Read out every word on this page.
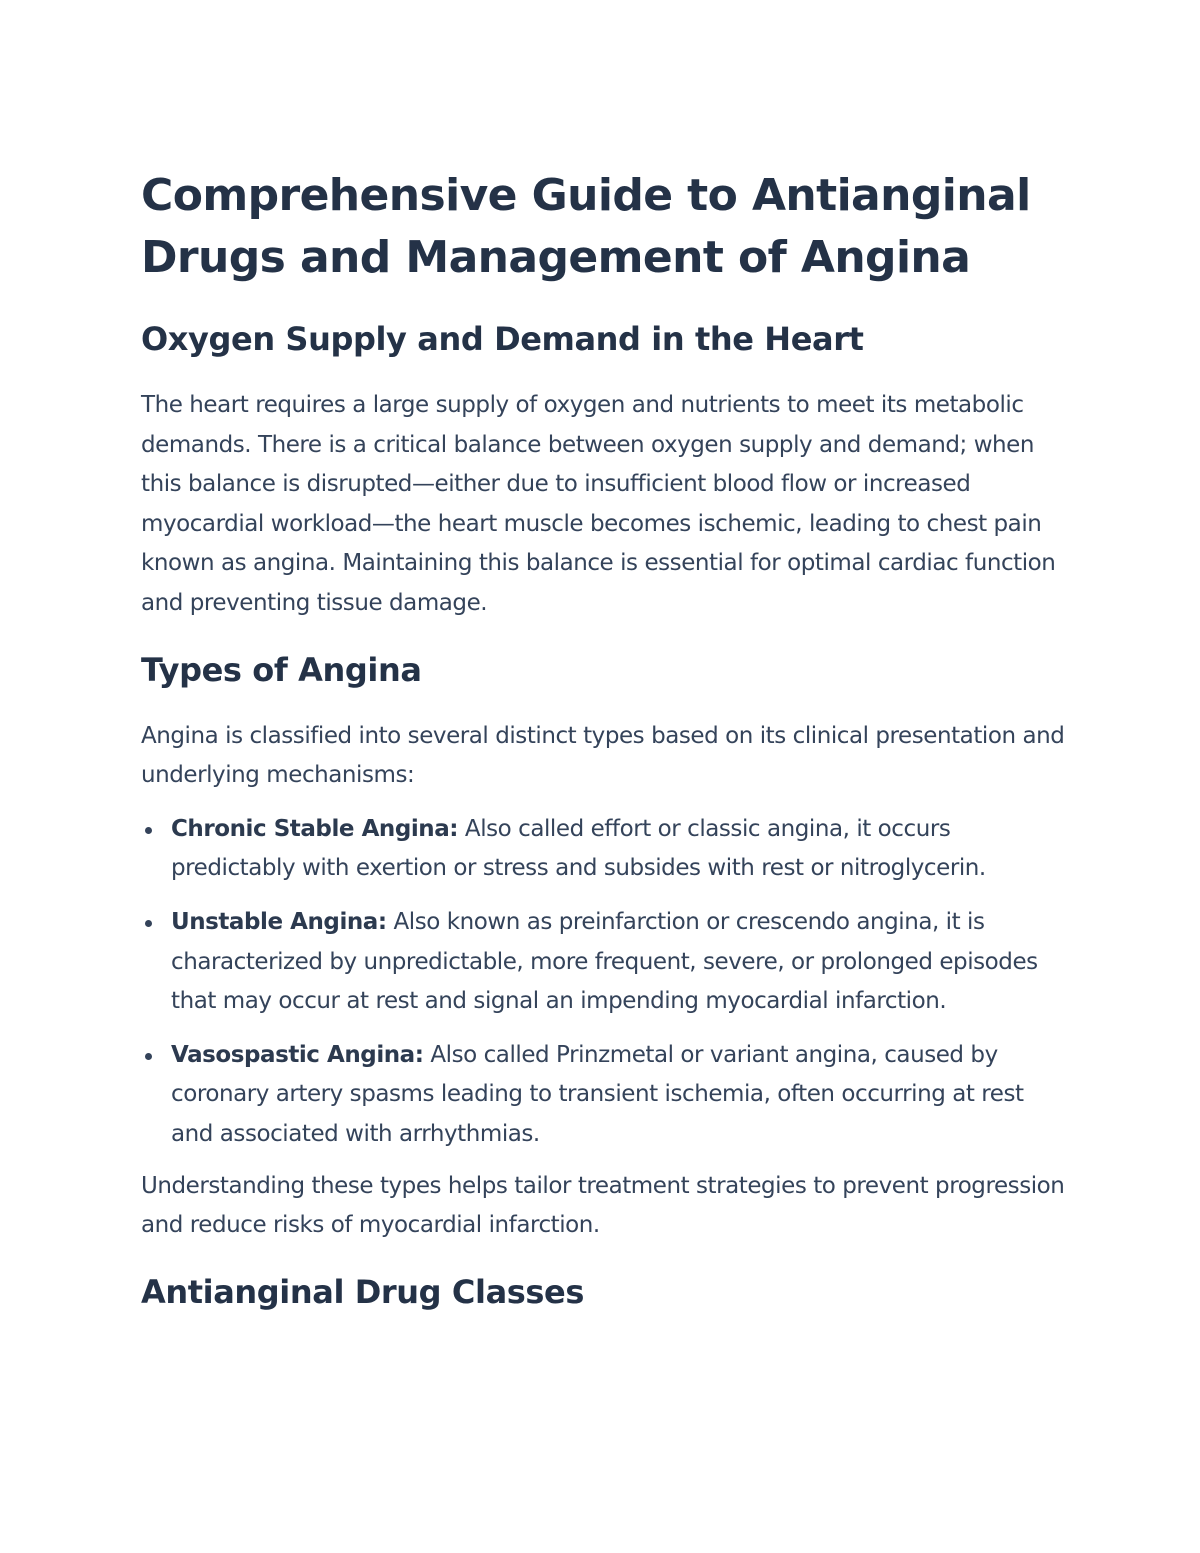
Comprehensive Guide to Antianginal Drugs and Management of Angina
Oxygen Supply and Demand in the Heart

The heart requires a large supply of oxygen and nutrients to meet its metabolic demands. There is a critical balance between oxygen supply and demand; when this balance is disrupted—either due to insufficient blood flow or increased myocardial workload—the heart muscle becomes ischemic, leading to chest pain known as angina. Maintaining this balance is essential for optimal cardiac function and preventing tissue damage.

Types of Angina

Angina is classified into several distinct types based on its clinical presentation and underlying mechanisms:

Chronic Stable Angina: Also called effort or classic angina, it occurs predictably with exertion or stress and subsides with rest or nitroglycerin.
Unstable Angina: Also known as preinfarction or crescendo angina, it is characterized by unpredictable, more frequent, severe, or prolonged episodes that may occur at rest and signal an impending myocardial infarction.
Vasospastic Angina: Also called Prinzmetal or variant angina, caused by coronary artery spasms leading to transient ischemia, often occurring at rest and associated with arrhythmias.

Understanding these types helps tailor treatment strategies to prevent progression and reduce risks of myocardial infarction.

Antianginal Drug Classes
